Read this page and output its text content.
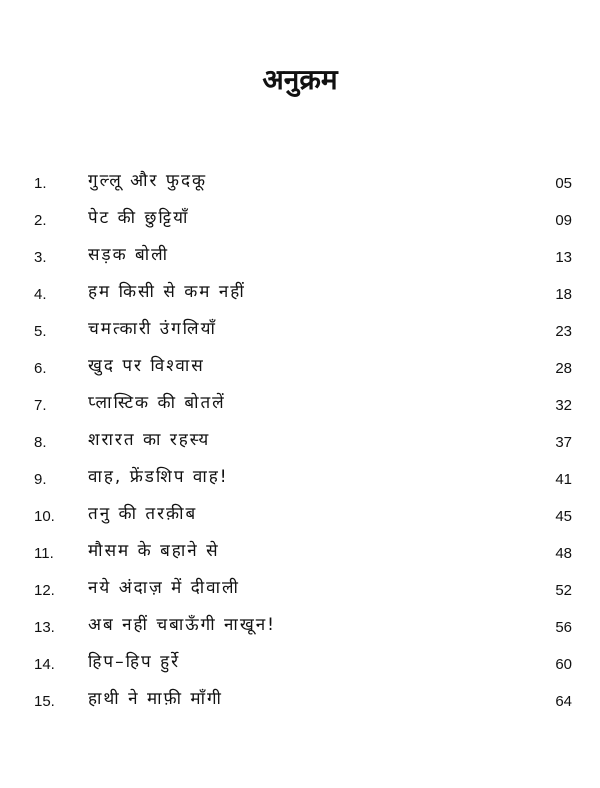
अनुक्रम
1. गुल्लू और फुदकू	05
2. पेट की छुट्टियाँ	09
3. सड़क बोली	13
4. हम किसी से कम नहीं	18
5. चमत्कारी उंगलियाँ	23
6. खुद पर विश्वास	28
7. प्लास्टिक की बोतलें	32
8. शरारत का रहस्य	37
9. वाह, फ्रेंडशिप वाह!	41
10. तनु की तरक़ीब	45
11. मौसम के बहाने से	48
12. नये अंदाज़ में दीवाली	52
13. अब नहीं चबाऊँगी नाखून!	56
14. हिप–हिप हुर्रे	60
15. हाथी ने माफ़ी माँगी	64
